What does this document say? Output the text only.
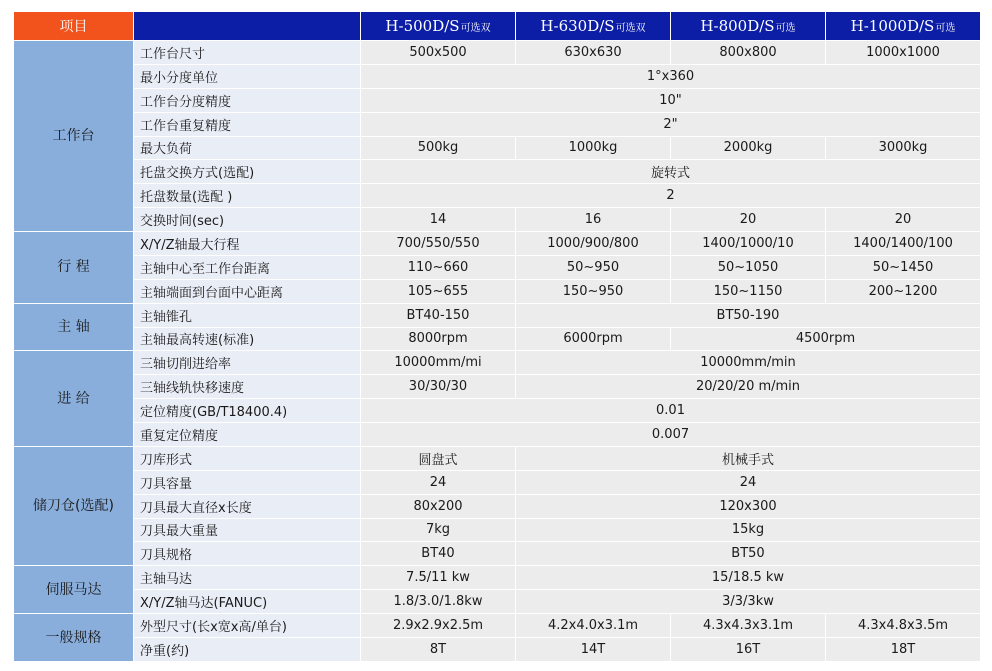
项目		H-500D/S可选双	H-630D/S可选双	H-800D/S可选	H-1000D/S可选
工作台	工作台尺寸	500x500	630x630	800x800	1000x1000
	最小分度单位	1°x360			
	工作台分度精度	10"			
	工作台重复精度	2"			
	最大负荷	500kg	1000kg	2000kg	3000kg
	托盘交换方式(选配)	旋转式			
	托盘数量(选配 )	2			
	交换时间(sec)	14	16	20	20
行 程	X/Y/Z轴最大行程	700/550/550	1000/900/800	1400/1000/10	1400/1400/100
	主轴中心至工作台距离	110~660	50~950	50~1050	50~1450
	主轴端面到台面中心距离	105~655	150~950	150~1150	200~1200
主 轴	主轴锥孔	BT40-150	BT50-190		
	主轴最高转速(标准)	8000rpm	6000rpm	4500rpm	
进 给	三轴切削进给率	10000mm/mi	10000mm/min		
	三轴线轨快移速度	30/30/30	20/20/20 m/min		
	定位精度(GB/T18400.4)	0.01			
	重复定位精度	0.007			
储刀仓(选配)	刀库形式	圆盘式	机械手式		
	刀具容量	24	24		
	刀具最大直径x长度	80x200	120x300		
	刀具最大重量	7kg	15kg		
	刀具规格	BT40	BT50		
伺服马达	主轴马达	7.5/11 kw	15/18.5 kw		
	X/Y/Z轴马达(FANUC)	1.8/3.0/1.8kw	3/3/3kw		
一般规格	外型尺寸(长x宽x高/单台)	2.9x2.9x2.5m	4.2x4.0x3.1m	4.3x4.3x3.1m	4.3x4.8x3.5m
	净重(约)	8T	14T	16T	18T
